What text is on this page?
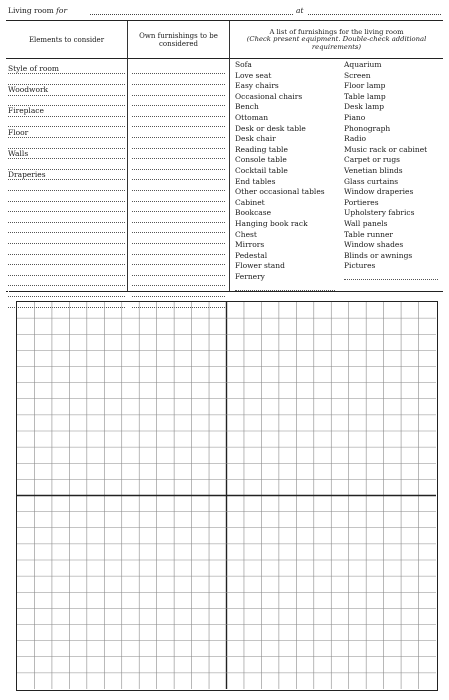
Living room for	at
Elements to consider
Own furnishings to be considered
A list of furnishings for the living room
(Check present equipment. Double-check additional
requirements)
Style of room
Woodwork
Fireplace
Floor
Walls
Draperies
Sofa
Love seat
Easy chairs
Occasional chairs
Bench
Ottoman
Desk or desk table
Desk chair
Reading table
Console table
Cocktail table
End tables
Other occasional tables
Cabinet
Bookcase
Hanging book rack
Chest
Mirrors
Pedestal
Flower stand
Fernery
Aquarium
Screen
Floor lamp
Table lamp
Desk lamp
Piano
Phonograph
Radio
Music rack or cabinet
Carpet or rugs
Venetian blinds
Glass curtains
Window draperies
Portieres
Upholstery fabrics
Wall panels
Table runner
Window shades
Blinds or awnings
Pictures
